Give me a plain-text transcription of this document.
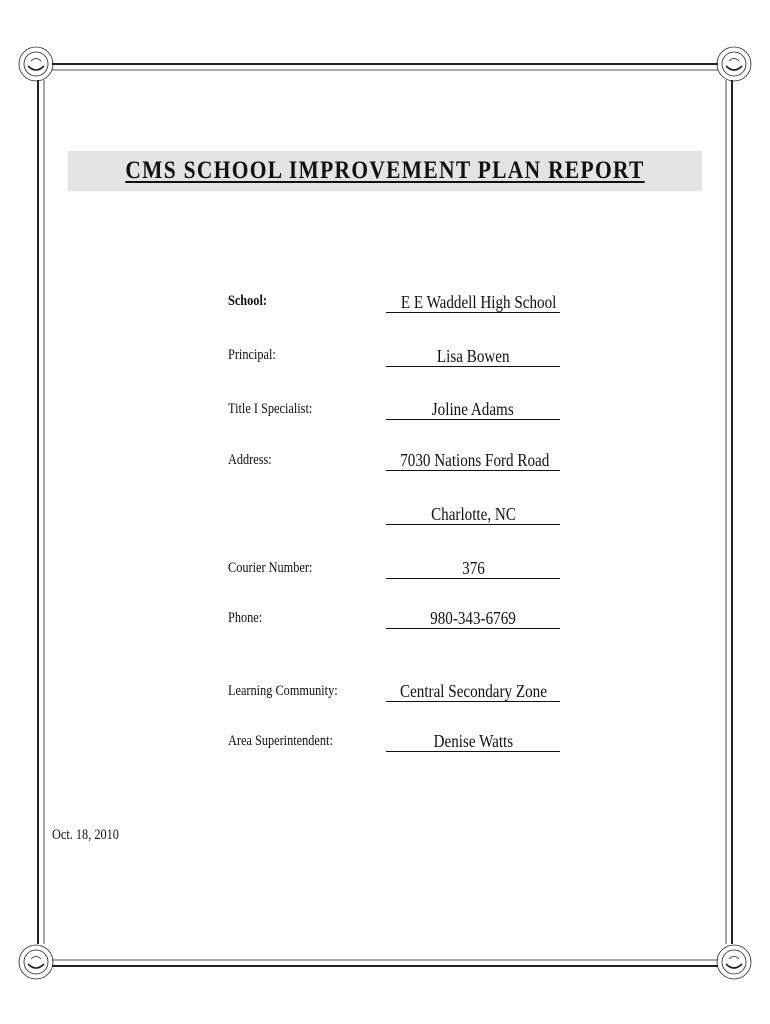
CMS SCHOOL IMPROVEMENT PLAN REPORT
School:	E E Waddell High School
Principal:	Lisa Bowen
Title I Specialist:	Joline Adams
Address:	7030 Nations Ford Road
Charlotte, NC
Courier Number:	376
Phone:	980-343-6769
Learning Community:	Central Secondary Zone
Area Superintendent:	Denise Watts
Oct. 18, 2010
